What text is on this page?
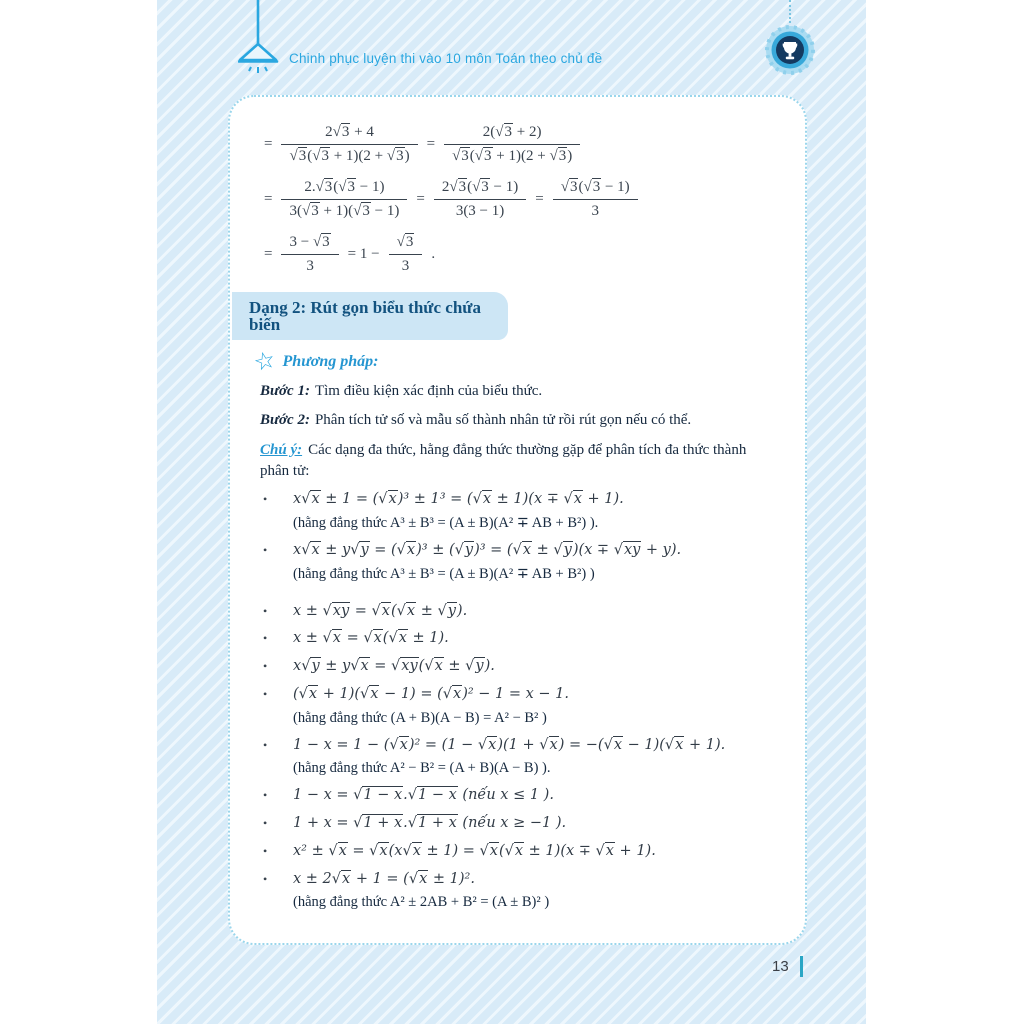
Chinh phục luyện thi vào 10 môn Toán theo chủ đề
= $\frac{2√3 + 4}{√3(√3 + 1)(2 + √3)} = \frac{2(√3 + 2)}{√3(√3 + 1)(2 + √3)}$
= $\frac{2.√3(√3 - 1)}{3(√3 + 1)(√3 - 1)} = \frac{2√3(√3 - 1)}{3(3 - 1)} = \frac{√3(√3 - 1)}{3}$
= $\frac{3 - √3}{3} = 1 - \frac{√3}{3}$ .
Dạng 2: Rút gọn biểu thức chứa biến
☆ Phương pháp:
Bước 1: Tìm điều kiện xác định của biểu thức.
Bước 2: Phân tích tử số và mẫu số thành nhân tử rồi rút gọn nếu có thể.
Chú ý: Các dạng đa thức, hằng đẳng thức thường gặp để phân tích đa thức thành phân tử:
•	x√x ± 1 = (√x)³ ± 1³ = (√x ± 1)(x ∓ √x + 1).
(hằng đẳng thức A³ ± B³ = (A ± B)(A² ∓ AB + B²) ).
•	x√x ± y√y = (√x)³ ± (√y)³ = (√x ± √y)(x ∓ √xy + y).
(hằng đẳng thức A³ ± B³ = (A ± B)(A² ∓ AB + B²) )
•	x ± √xy = √x(√x ± √y).
•	x ± √x = √x(√x ± 1).
•	x√y ± y√x = √xy(√x ± √y).
•	(√x + 1)(√x − 1) = (√x)² − 1 = x − 1.
(hằng đẳng thức (A + B)(A − B) = A² − B² )
•	1 − x = 1 − (√x)² = (1 − √x)(1 + √x) = −(√x − 1)(√x + 1).
(hằng đẳng thức A² − B² = (A + B)(A − B) ).
•	1 − x = √1 − x.√1 − x (nếu x ≤ 1 ).
•	1 + x = √1 + x.√1 + x (nếu x ≥ −1 ).
•	x² ± √x = √x(x√x ± 1) = √x(√x ± 1)(x ∓ √x + 1).
•	x ± 2√x + 1 = (√x ± 1)².
(hằng đẳng thức A² ± 2AB + B² = (A ± B)² )
13
